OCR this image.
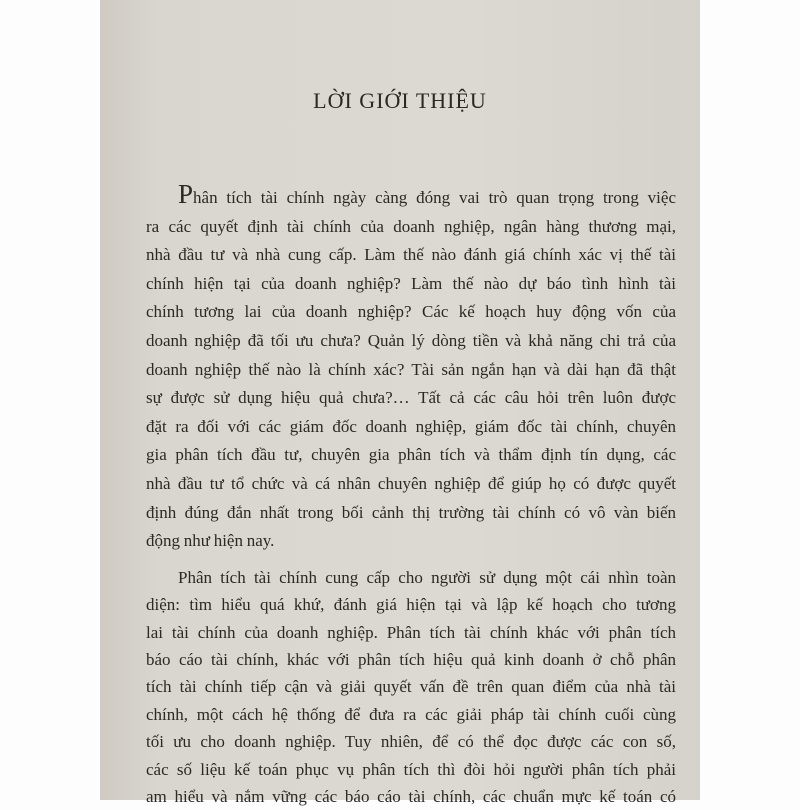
LỜI GIỚI THIỆU
Phân tích tài chính ngày càng đóng vai trò quan trọng trong việc
ra các quyết định tài chính của doanh nghiệp, ngân hàng thương mại,
nhà đầu tư và nhà cung cấp. Làm thế nào đánh giá chính xác vị thế tài
chính hiện tại của doanh nghiệp? Làm thế nào dự báo tình hình tài
chính tương lai của doanh nghiệp? Các kế hoạch huy động vốn của
doanh nghiệp đã tối ưu chưa? Quản lý dòng tiền và khả năng chi trả của
doanh nghiệp thế nào là chính xác? Tài sản ngắn hạn và dài hạn đã thật
sự được sử dụng hiệu quả chưa?… Tất cả các câu hỏi trên luôn được
đặt ra đối với các giám đốc doanh nghiệp, giám đốc tài chính, chuyên
gia phân tích đầu tư, chuyên gia phân tích và thẩm định tín dụng, các
nhà đầu tư tổ chức và cá nhân chuyên nghiệp để giúp họ có được quyết
định đúng đắn nhất trong bối cảnh thị trường tài chính có vô vàn biến
động như hiện nay.
Phân tích tài chính cung cấp cho người sử dụng một cái nhìn toàn
diện: tìm hiểu quá khứ, đánh giá hiện tại và lập kế hoạch cho tương
lai tài chính của doanh nghiệp. Phân tích tài chính khác với phân tích
báo cáo tài chính, khác với phân tích hiệu quả kinh doanh ở chỗ phân
tích tài chính tiếp cận và giải quyết vấn đề trên quan điểm của nhà tài
chính, một cách hệ thống để đưa ra các giải pháp tài chính cuối cùng
tối ưu cho doanh nghiệp. Tuy nhiên, để có thể đọc được các con số,
các số liệu kế toán phục vụ phân tích thì đòi hỏi người phân tích phải
am hiểu và nắm vững các báo cáo tài chính, các chuẩn mực kế toán có
